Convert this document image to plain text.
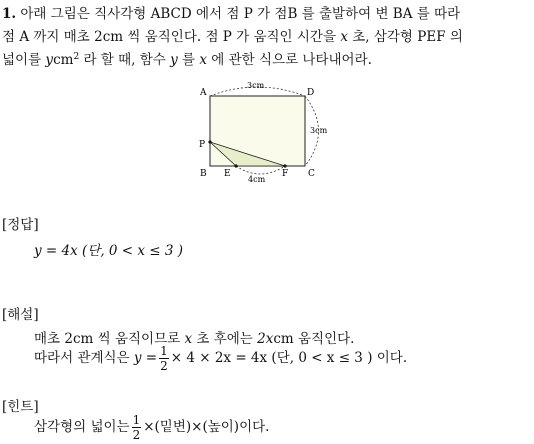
1. 아래 그림은 직사각형 ABCD 에서 점 P 가 점B 를 출발하여 변 BA 를 따라
점 A 까지 매초 2cm 씩 움직인다. 점 P 가 움직인 시간을 x 초, 삼각형 PEF 의
넓이를 ycm$^2$ 라 할 때, 함수 y 를 x 에 관한 식으로 나타내어라.
A	D
B	C
P
E	F
3cm
3cm
4cm
[정답]
y = 4x (단, 0 < x ≤ 3 )
[해설]
매초 2cm 씩 움직이므로 x 초 후에는 2xcm 움직인다.
따라서 관계식은 $y = \frac{1}{2} \times 4 \times 2x = 4x$ (단, 0 < x ≤ 3 ) 이다.
[힌트]
삼각형의 넓이는 $\frac{1}{2}$ ×(밑변)×(높이)이다.
